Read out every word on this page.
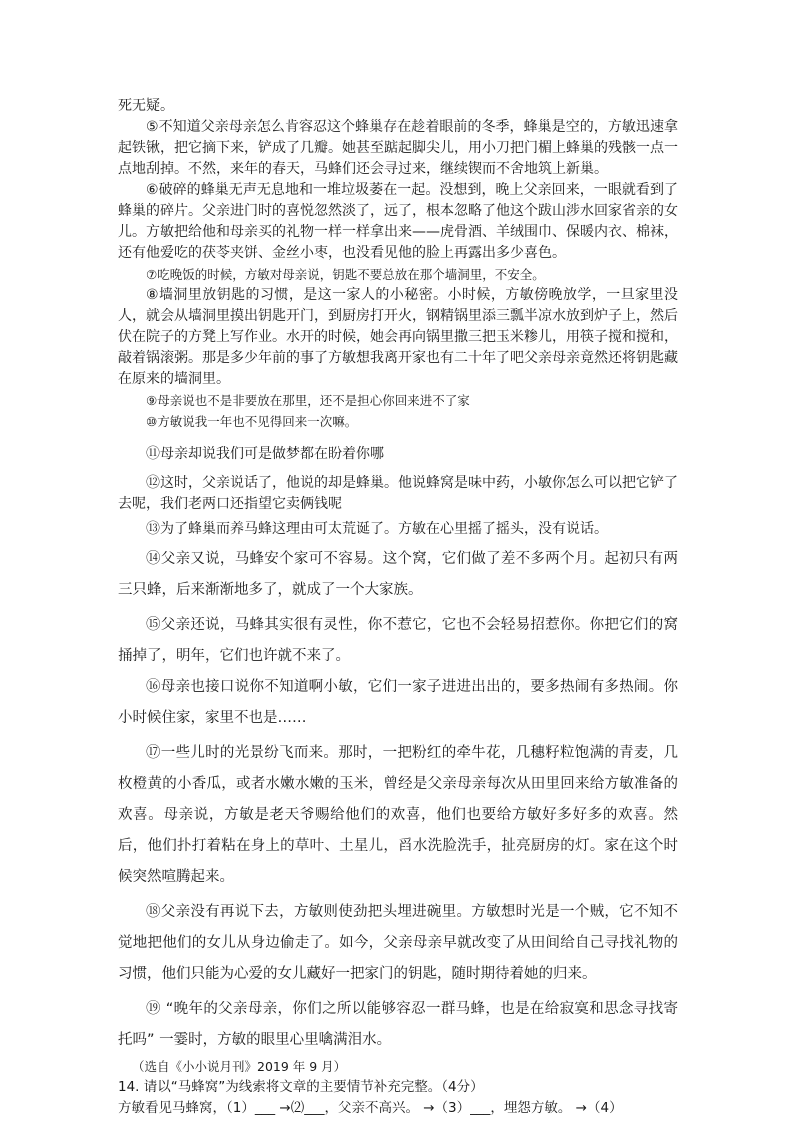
死无疑。

⑤不知道父亲母亲怎么肯容忍这个蜂巢存在趁着眼前的冬季，蜂巢是空的，方敏迅速拿起铁锹，把它摘下来，铲成了几瓣。她甚至踮起脚尖儿，用小刀把门楣上蜂巢的残骸一点一点地刮掉。不然，来年的春天，马蜂们还会寻过来，继续锲而不舍地筑上新巢。

⑥破碎的蜂巢无声无息地和一堆垃圾萎在一起。没想到，晚上父亲回来，一眼就看到了蜂巢的碎片。父亲进门时的喜悦忽然淡了，远了，根本忽略了他这个跋山涉水回家省亲的女儿。方敏把给他和母亲买的礼物一样一样拿出来——虎骨酒、羊绒围巾、保暖内衣、棉袜，还有他爱吃的茯苓夹饼、金丝小枣，也没看见他的脸上再露出多少喜色。

⑦吃晚饭的时候，方敏对母亲说，钥匙不要总放在那个墙洞里，不安全。

⑧墙洞里放钥匙的习惯，是这一家人的小秘密。小时候，方敏傍晚放学，一旦家里没人，就会从墙洞里摸出钥匙开门，到厨房打开火，钢精锅里添三瓢半凉水放到炉子上，然后伏在院子的方凳上写作业。水开的时候，她会再向锅里撒三把玉米糁儿，用筷子搅和搅和，敲着锅滚粥。那是多少年前的事了方敏想我离开家也有二十年了吧父亲母亲竟然还将钥匙藏在原来的墙洞里。

⑨母亲说也不是非要放在那里，还不是担心你回来进不了家

⑩方敏说我一年也不见得回来一次嘛。

⑪母亲却说我们可是做梦都在盼着你哪

⑫这时，父亲说话了，他说的却是蜂巢。他说蜂窝是味中药，小敏你怎么可以把它铲了去呢，我们老两口还指望它卖俩钱呢

⑬为了蜂巢而养马蜂这理由可太荒诞了。方敏在心里摇了摇头，没有说话。

⑭父亲又说，马蜂安个家可不容易。这个窝，它们做了差不多两个月。起初只有两三只蜂，后来渐渐地多了，就成了一个大家族。

⑮父亲还说，马蜂其实很有灵性，你不惹它，它也不会轻易招惹你。你把它们的窝捅掉了，明年，它们也许就不来了。

⑯母亲也接口说你不知道啊小敏，它们一家子进进出出的，要多热闹有多热闹。你小时候住家，家里不也是……

⑰一些儿时的光景纷飞而来。那时，一把粉红的牵牛花，几穗籽粒饱满的青麦，几枚橙黄的小香瓜，或者水嫩水嫩的玉米，曾经是父亲母亲每次从田里回来给方敏准备的欢喜。母亲说，方敏是老天爷赐给他们的欢喜，他们也要给方敏好多好多的欢喜。然后，他们扑打着粘在身上的草叶、土星儿，舀水洗脸洗手，扯亮厨房的灯。家在这个时候突然喧腾起来。

⑱父亲没有再说下去，方敏则使劲把头埋进碗里。方敏想时光是一个贼，它不知不觉地把他们的女儿从身边偷走了。如今，父亲母亲早就改变了从田间给自己寻找礼物的习惯，他们只能为心爱的女儿藏好一把家门的钥匙，随时期待着她的归来。

⑲ “晚年的父亲母亲，你们之所以能够容忍一群马蜂，也是在给寂寞和思念寻找寄托吗” 一霎时，方敏的眼里心里噙满泪水。

（选自《小小说月刊》2019 年 9 月）

14. 请以“马蜂窝”为线索将文章的主要情节补充完整。（4分）

方敏看见马蜂窝，（1）___ →⑵___，父亲不高兴。 →（3）___，埋怨方敏。 →（4）
